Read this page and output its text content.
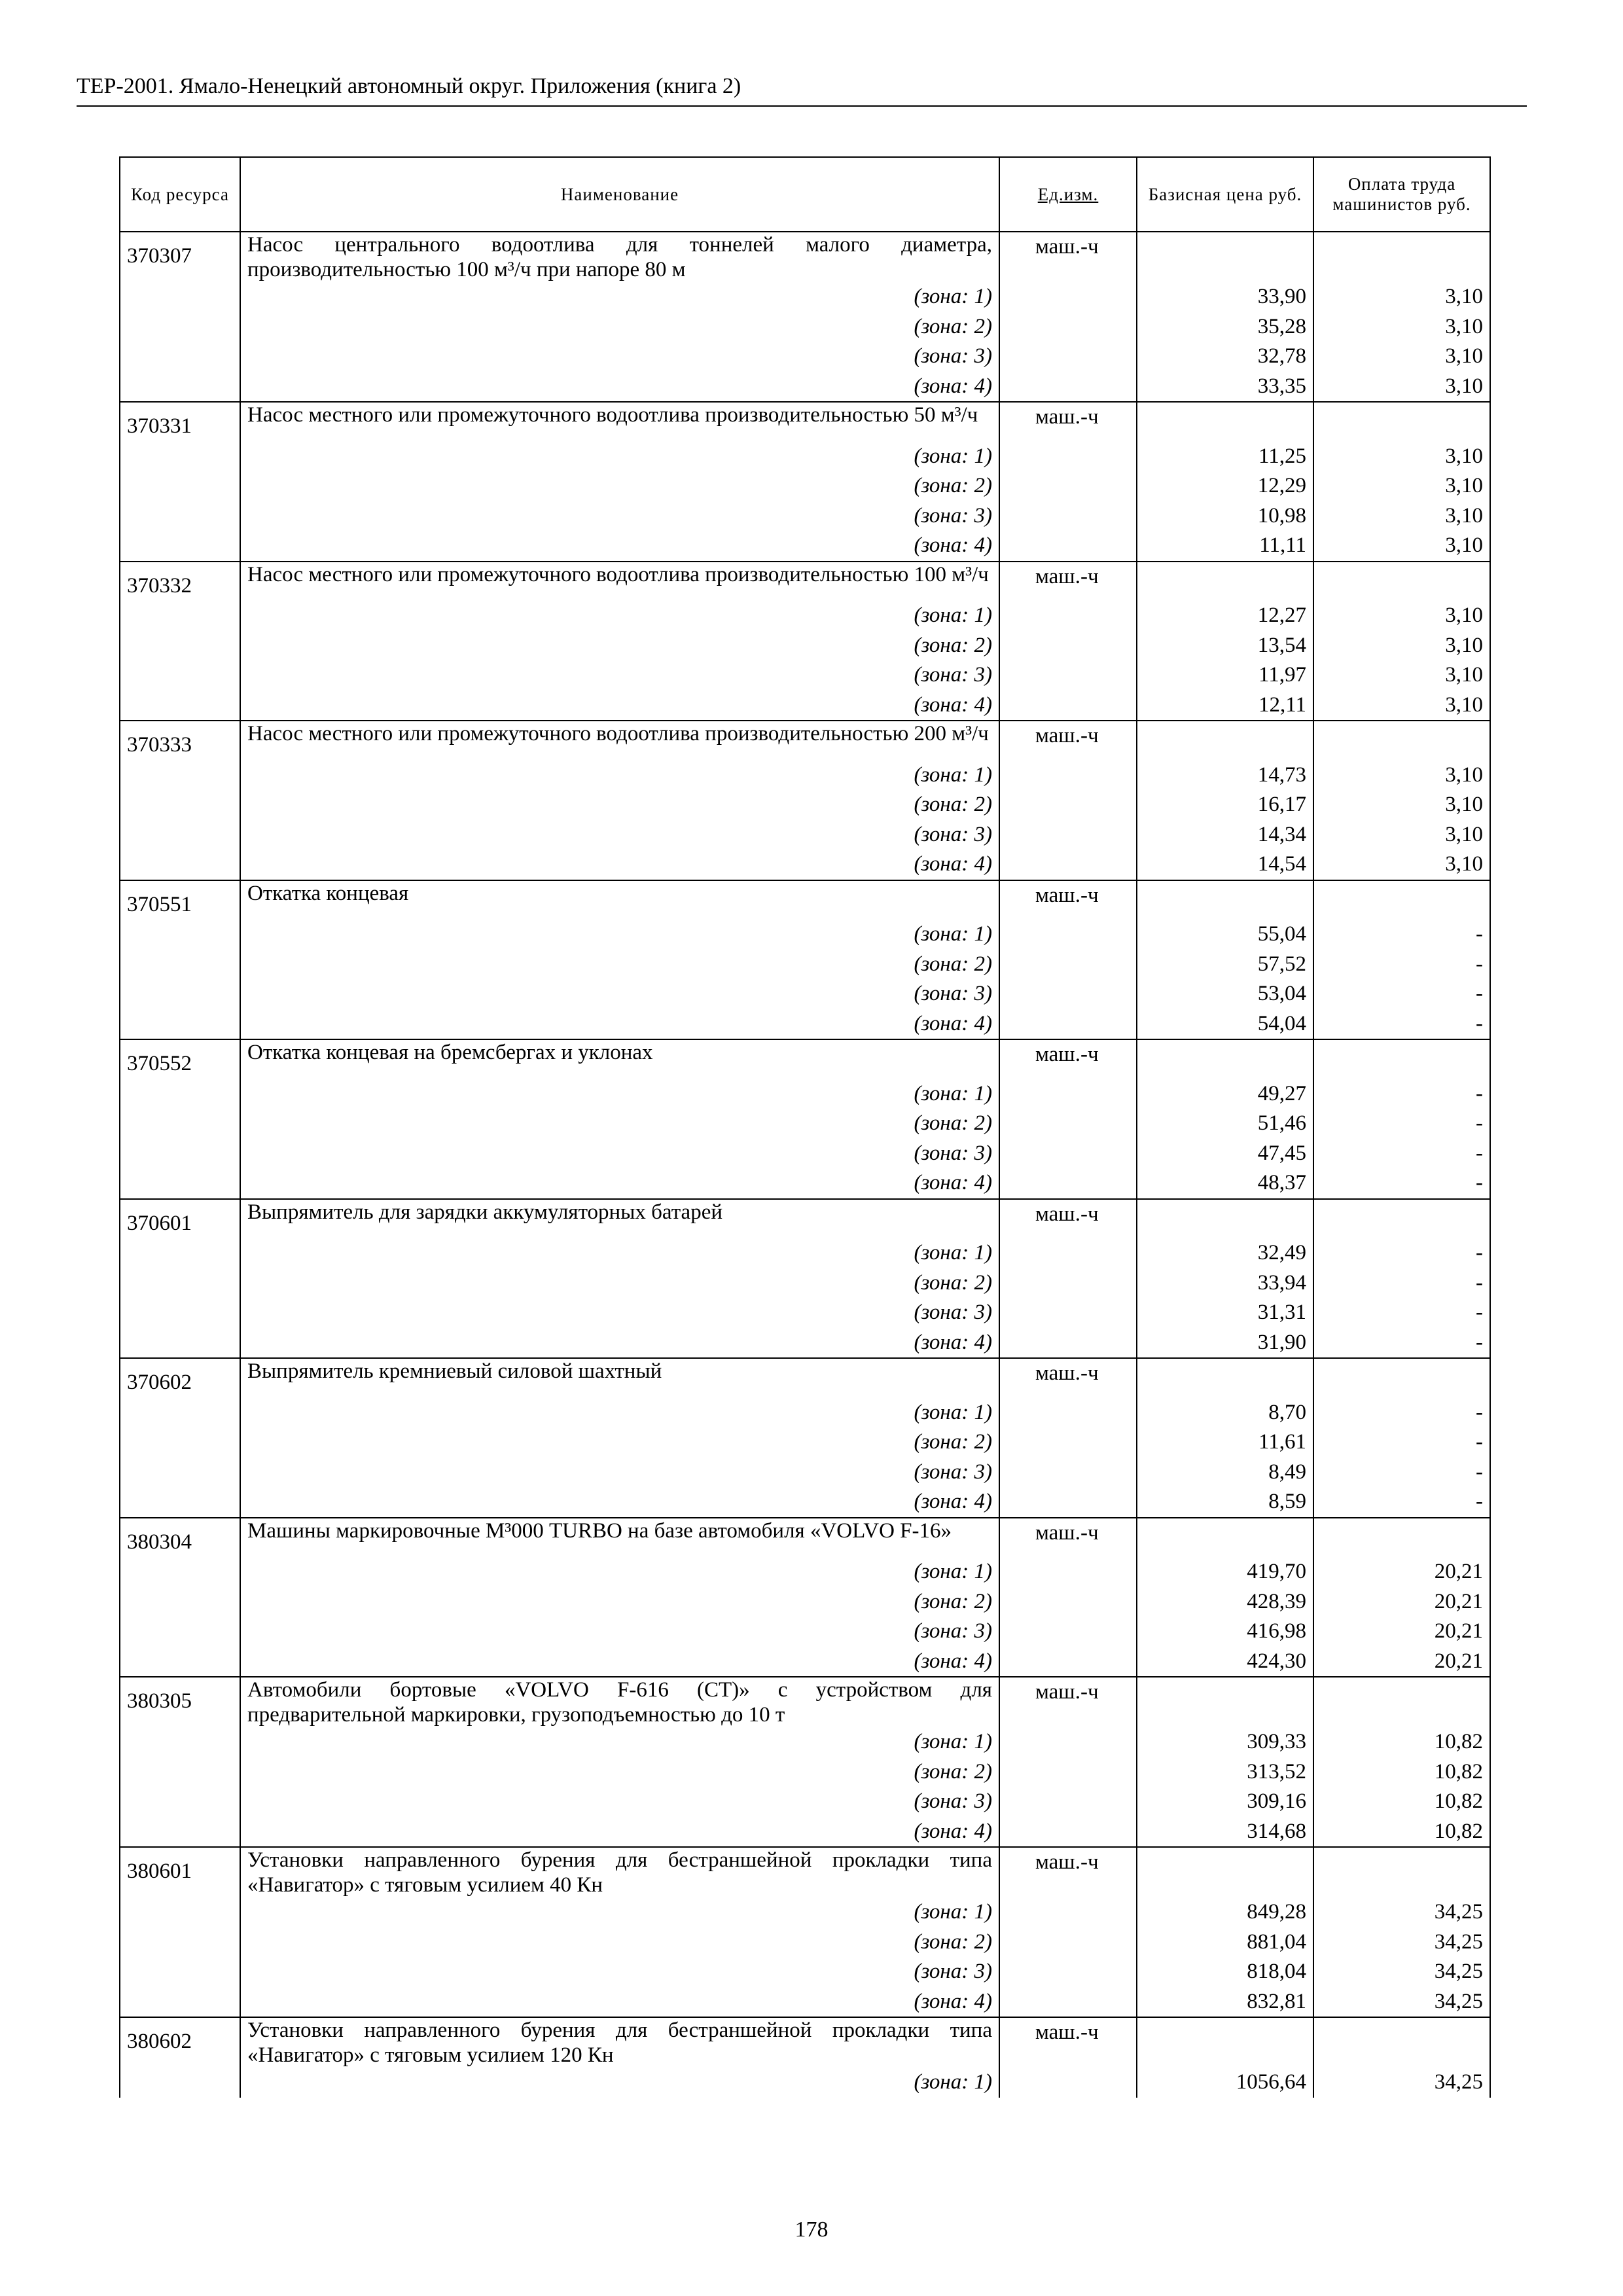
ТЕР-2001. Ямало-Ненецкий автономный округ. Приложения (книга 2)
Код ресурса	Наименование	Ед.изм.	Базисная цена руб.	Оплата труда машинистов руб.
370307	Насос центрального водоотлива для тоннелей малого диаметра, производительностью 100 м³/ч при напоре 80 м	маш.-ч		
	(зона: 1)		33,90	3,10
	(зона: 2)		35,28	3,10
	(зона: 3)		32,78	3,10
	(зона: 4)		33,35	3,10
370331	Насос местного или промежуточного водоотлива производительностью 50 м³/ч	маш.-ч		
	(зона: 1)		11,25	3,10
	(зона: 2)		12,29	3,10
	(зона: 3)		10,98	3,10
	(зона: 4)		11,11	3,10
370332	Насос местного или промежуточного водоотлива производительностью 100 м³/ч	маш.-ч		
	(зона: 1)		12,27	3,10
	(зона: 2)		13,54	3,10
	(зона: 3)		11,97	3,10
	(зона: 4)		12,11	3,10
370333	Насос местного или промежуточного водоотлива производительностью 200 м³/ч	маш.-ч		
	(зона: 1)		14,73	3,10
	(зона: 2)		16,17	3,10
	(зона: 3)		14,34	3,10
	(зона: 4)		14,54	3,10
370551	Откатка концевая	маш.-ч		
	(зона: 1)		55,04	-
	(зона: 2)		57,52	-
	(зона: 3)		53,04	-
	(зона: 4)		54,04	-
370552	Откатка концевая на бремсбергах и уклонах	маш.-ч		
	(зона: 1)		49,27	-
	(зона: 2)		51,46	-
	(зона: 3)		47,45	-
	(зона: 4)		48,37	-
370601	Выпрямитель для зарядки аккумуляторных батарей	маш.-ч		
	(зона: 1)		32,49	-
	(зона: 2)		33,94	-
	(зона: 3)		31,31	-
	(зона: 4)		31,90	-
370602	Выпрямитель кремниевый силовой шахтный	маш.-ч		
	(зона: 1)		8,70	-
	(зона: 2)		11,61	-
	(зона: 3)		8,49	-
	(зона: 4)		8,59	-
380304	Машины маркировочные М³000 TURBO на базе автомобиля «VOLVO F-16»	маш.-ч		
	(зона: 1)		419,70	20,21
	(зона: 2)		428,39	20,21
	(зона: 3)		416,98	20,21
	(зона: 4)		424,30	20,21
380305	Автомобили бортовые «VOLVO F-616 (CT)» с устройством для предварительной маркировки, грузоподъемностью до 10 т	маш.-ч		
	(зона: 1)		309,33	10,82
	(зона: 2)		313,52	10,82
	(зона: 3)		309,16	10,82
	(зона: 4)		314,68	10,82
380601	Установки направленного бурения для бестраншейной прокладки типа «Навигатор» с тяговым усилием 40 Кн	маш.-ч		
	(зона: 1)		849,28	34,25
	(зона: 2)		881,04	34,25
	(зона: 3)		818,04	34,25
	(зона: 4)		832,81	34,25
380602	Установки направленного бурения для бестраншейной прокладки типа «Навигатор» с тяговым усилием 120 Кн	маш.-ч		
	(зона: 1)		1056,64	34,25
178
